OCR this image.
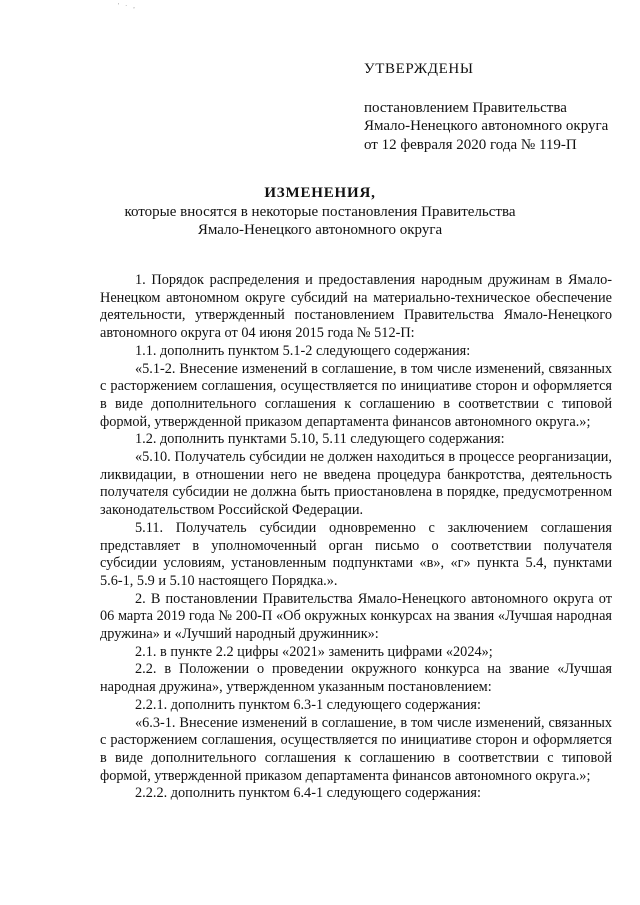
' · ,
УТВЕРЖДЕНЫ
постановлением Правительства
Ямало-Ненецкого автономного округа
от 12 февраля 2020 года № 119-П
ИЗМЕНЕНИЯ,
которые вносятся в некоторые постановления Правительства
Ямало-Ненецкого автономного округа

1. Порядок распределения и предоставления народным дружинам в Ямало-Ненецком автономном округе субсидий на материально-техническое обеспечение деятельности, утвержденный постановлением Правительства Ямало-Ненецкого автономного округа от 04 июня 2015 года № 512-П:

1.1. дополнить пунктом 5.1-2 следующего содержания:

«5.1-2. Внесение изменений в соглашение, в том числе изменений, связанных с расторжением соглашения, осуществляется по инициативе сторон и оформляется в виде дополнительного соглашения к соглашению в соответствии с типовой формой, утвержденной приказом департамента финансов автономного округа.»;

1.2. дополнить пунктами 5.10, 5.11 следующего содержания:

«5.10. Получатель субсидии не должен находиться в процессе реорганизации, ликвидации, в отношении него не введена процедура банкротства, деятельность получателя субсидии не должна быть приостановлена в порядке, предусмотренном законодательством Российской Федерации.

5.11. Получатель субсидии одновременно с заключением соглашения представляет в уполномоченный орган письмо о соответствии получателя субсидии условиям, установленным подпунктами «в», «г» пункта 5.4, пунктами 5.6-1, 5.9 и 5.10 настоящего Порядка.».

2. В постановлении Правительства Ямало-Ненецкого автономного округа от 06 марта 2019 года № 200-П «Об окружных конкурсах на звания «Лучшая народная дружина» и «Лучший народный дружинник»:

2.1. в пункте 2.2 цифры «2021» заменить цифрами «2024»;

2.2. в Положении о проведении окружного конкурса на звание «Лучшая народная дружина», утвержденном указанным постановлением:

2.2.1. дополнить пунктом 6.3-1 следующего содержания:

«6.3-1. Внесение изменений в соглашение, в том числе изменений, связанных с расторжением соглашения, осуществляется по инициативе сторон и оформляется в виде дополнительного соглашения к соглашению в соответствии с типовой формой, утвержденной приказом департамента финансов автономного округа.»;

2.2.2. дополнить пунктом 6.4-1 следующего содержания:
